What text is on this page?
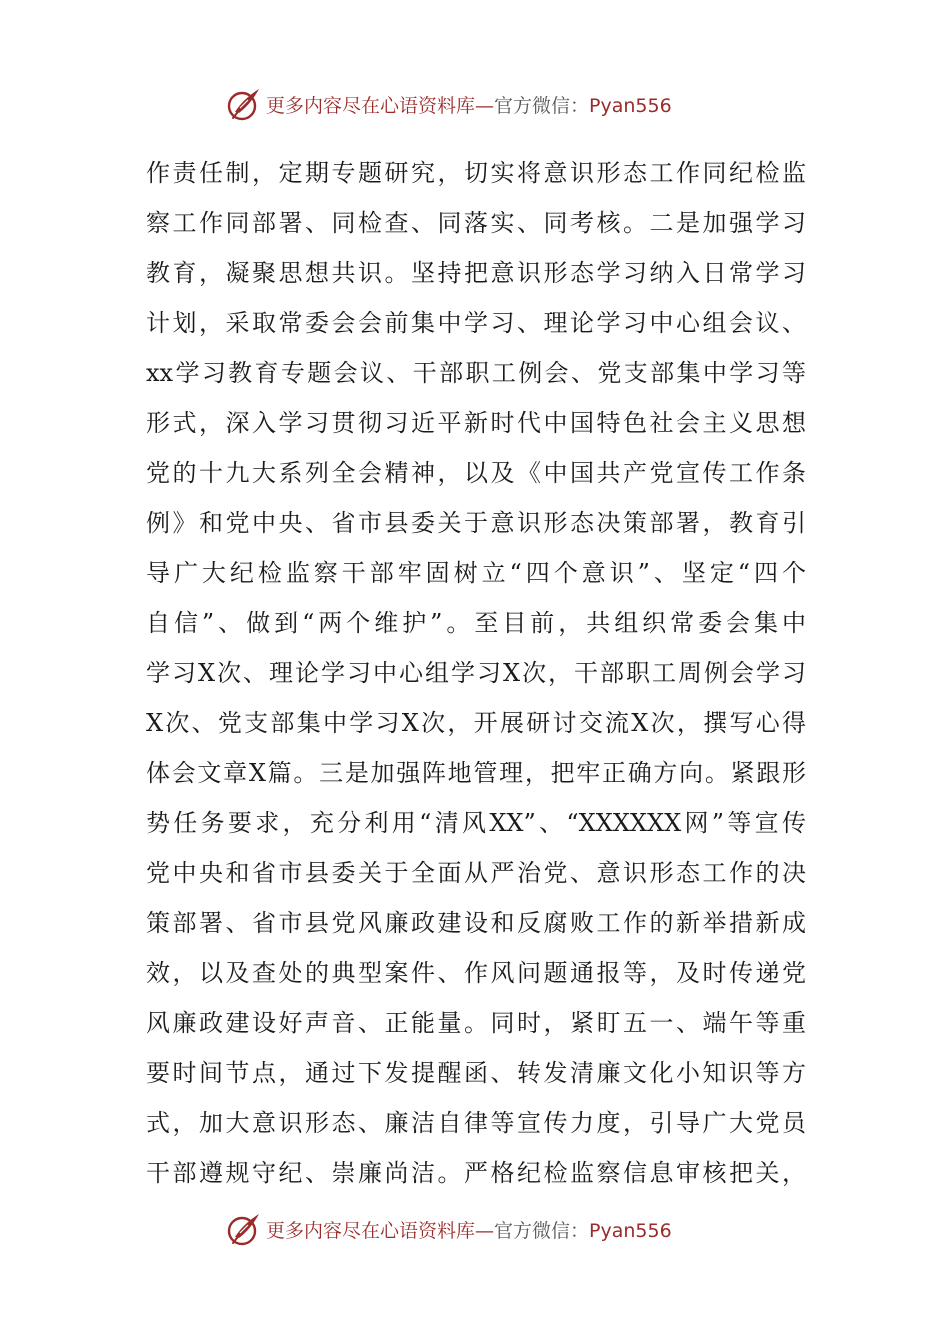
更多内容尽在心语资料库—官方微信：Pyan556
作责任制，定期专题研究，切实将意识形态工作同纪检监
察工作同部署、同检查、同落实、同考核。二是加强学习
教育，凝聚思想共识。坚持把意识形态学习纳入日常学习
计划，采取常委会会前集中学习、理论学习中心组会议、
xx学习教育专题会议、干部职工例会、党支部集中学习等
形式，深入学习贯彻习近平新时代中国特色社会主义思想
党的十九大系列全会精神，以及《中国共产党宣传工作条
例》和党中央、省市县委关于意识形态决策部署，教育引
导广大纪检监察干部牢固树立“四个意识”、坚定“四个
自信”、做到“两个维护”。至目前，共组织常委会集中
学习X次、理论学习中心组学习X次，干部职工周例会学习
X次、党支部集中学习X次，开展研讨交流X次，撰写心得
体会文章X篇。三是加强阵地管理，把牢正确方向。紧跟形
势任务要求，充分利用“清风XX”、“XXXXXX网”等宣传
党中央和省市县委关于全面从严治党、意识形态工作的决
策部署、省市县党风廉政建设和反腐败工作的新举措新成
效，以及查处的典型案件、作风问题通报等，及时传递党
风廉政建设好声音、正能量。同时，紧盯五一、端午等重
要时间节点，通过下发提醒函、转发清廉文化小知识等方
式，加大意识形态、廉洁自律等宣传力度，引导广大党员
干部遵规守纪、崇廉尚洁。严格纪检监察信息审核把关，
更多内容尽在心语资料库—官方微信：Pyan556
